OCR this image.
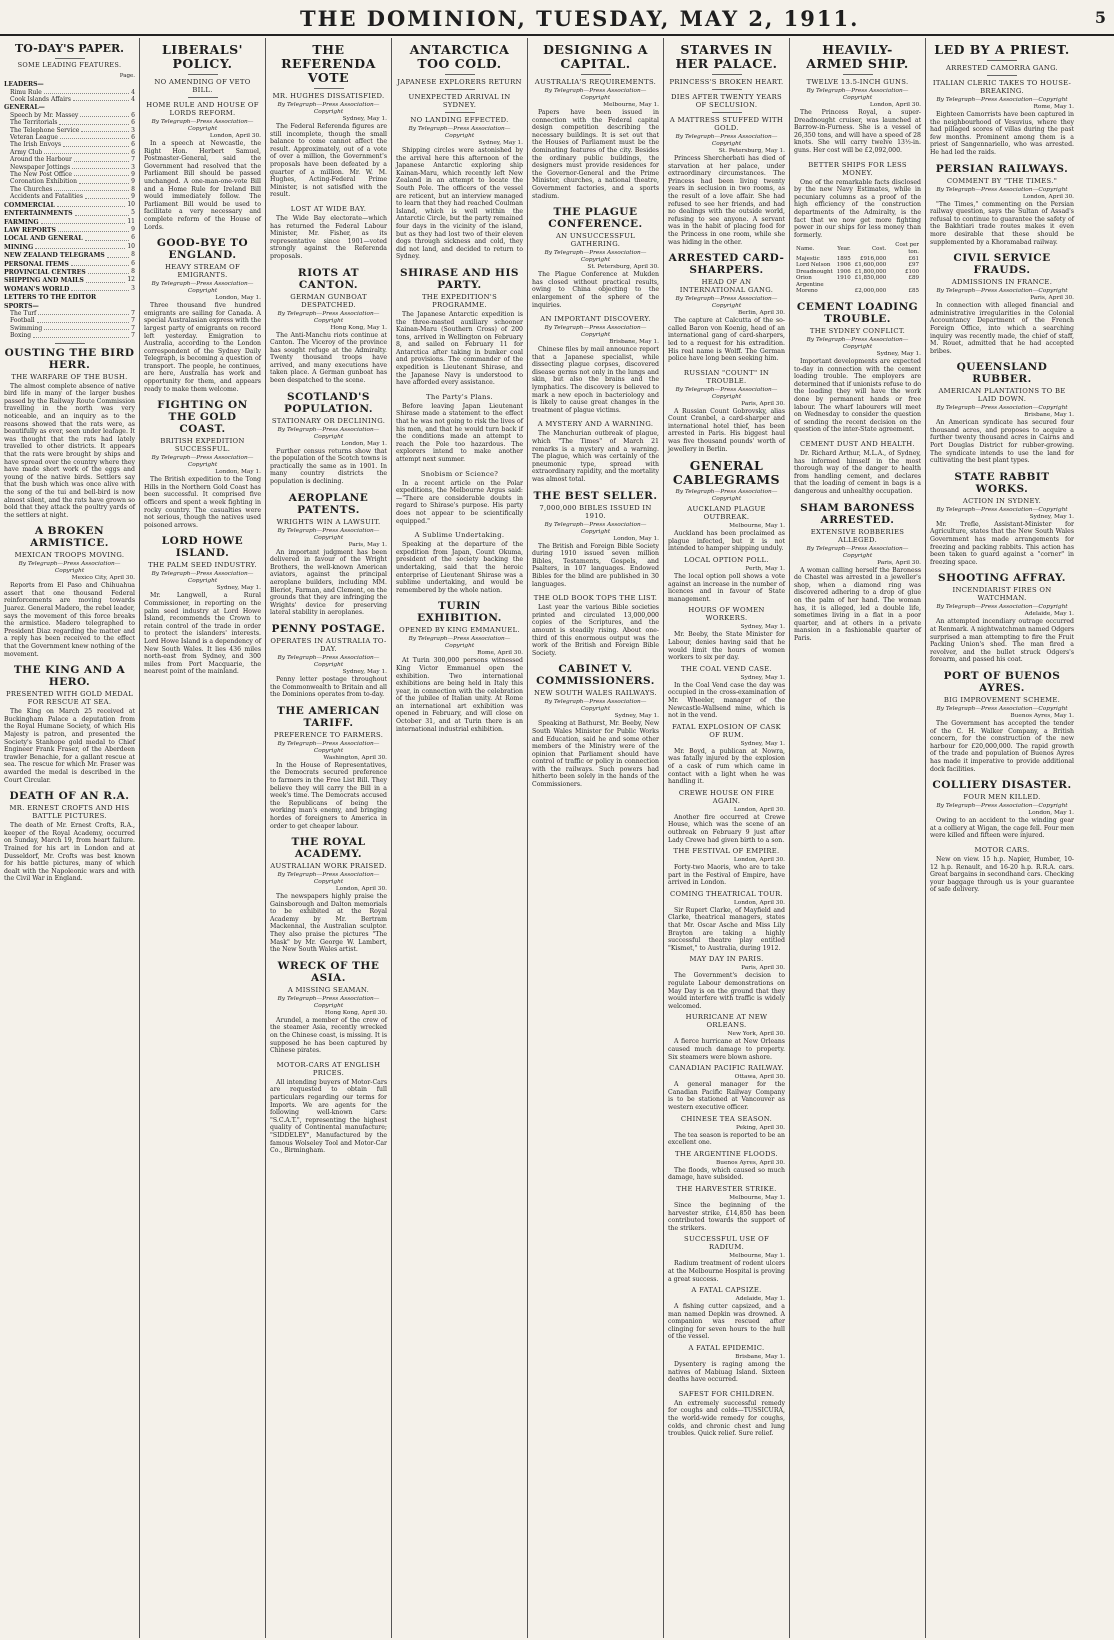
THE DOMINION, TUESDAY, MAY 2, 1911.	5
TO-DAY'S PAPER.
SOME LEADING FEATURES.
Page.
LEADERS—
Rimu Rule	4
Cook Islands Affairs	4
GENERAL—
Speech by Mr. Massey	6
The Territorials	6
The Telephone Service	3
Veteran League	6
The Irish Envoys	6
Army Club	6
Around the Harbour	7
Newspaper Jottings	3
The New Post Office	9
Coronation Exhibition	9
The Churches	8
Accidents and Fatalities	9
COMMERCIAL	10
ENTERTAINMENTS	5
FARMING	11
LAW REPORTS	9
LOCAL AND GENERAL	6
MINING	10
NEW ZEALAND TELEGRAMS	8
PERSONAL ITEMS	6
PROVINCIAL CENTRES	8
SHIPPING AND MAILS	12
WOMAN'S WORLD	3
LETTERS TO THE EDITOR
SPORTS—
The Turf	7
Football	7
Swimming	7
Boxing	7
OUSTING THE BIRD HERR.
THE WARFARE OF THE BUSH.
The almost complete absence of native bird life in many of the larger bushes passed by the Railway Route Commission travelling in the north was very noticeable, and an inquiry as to the reasons showed that the rats were, as beautifully as ever, seen under leafage. It was thought that the rats had lately travelled to other districts. It appears that the rats were brought by ships and have spread over the country where they have made short work of the eggs and young of the native birds. Settlers say that the bush which was once alive with the song of the tui and bell-bird is now almost silent, and the rats have grown so bold that they attack the poultry yards of the settlers at night.
A BROKEN ARMISTICE.
MEXICAN TROOPS MOVING.
By Telegraph—Press Association—Copyright
Mexico City, April 30.
Reports from El Paso and Chihuahua assert that one thousand Federal reinforcements are moving towards Juarez. General Madero, the rebel leader, says the movement of this force breaks the armistice. Madero telegraphed to President Diaz regarding the matter and a reply has been received to the effect that the Government knew nothing of the movement.
THE KING AND A HERO.
PRESENTED WITH GOLD MEDAL FOR RESCUE AT SEA.
The King on March 25 received at Buckingham Palace a deputation from the Royal Humane Society, of which His Majesty is patron, and presented the Society's Stanhope gold medal to Chief Engineer Frank Fraser, of the Aberdeen trawler Benachie, for a gallant rescue at sea. The rescue for which Mr. Fraser was awarded the medal is described in the Court Circular.
DEATH OF AN R.A.
MR. ERNEST CROFTS AND HIS BATTLE PICTURES.
The death of Mr. Ernest Crofts, R.A., keeper of the Royal Academy, occurred on Sunday, March 19, from heart failure. Trained for his art in London and at Dusseldorf, Mr. Crofts was best known for his battle pictures, many of which dealt with the Napoleonic wars and with the Civil War in England.
LIBERALS' POLICY.
NO AMENDING OF VETO BILL.
HOME RULE AND HOUSE OF LORDS REFORM.
By Telegraph—Press Association—Copyright
London, April 30.
In a speech at Newcastle, the Right Hon. Herbert Samuel, Postmaster-General, said the Government had resolved that the Parliament Bill should be passed unchanged. A one-man-one-vote Bill and a Home Rule for Ireland Bill would immediately follow. The Parliament Bill would be used to facilitate a very necessary and complete reform of the House of Lords.
GOOD-BYE TO ENGLAND.
HEAVY STREAM OF EMIGRANTS.
By Telegraph—Press Association—Copyright
London, May 1.
Three thousand five hundred emigrants are sailing for Canada. A special Australasian express with the largest party of emigrants on record left yesterday. Emigration to Australia, according to the London correspondent of the Sydney Daily Telegraph, is becoming a question of transport. The people, he continues, are here, Australia has work and opportunity for them, and appears ready to make them welcome.
FIGHTING ON THE GOLD COAST.
BRITISH EXPEDITION SUCCESSFUL.
By Telegraph—Press Association—Copyright
London, May 1.
The British expedition to the Tong Hills in the Northern Gold Coast has been successful. It comprised five officers and spent a week fighting in rocky country. The casualties were not serious, though the natives used poisoned arrows.
LORD HOWE ISLAND.
THE PALM SEED INDUSTRY.
By Telegraph—Press Association—Copyright
Sydney, May 1.
Mr. Langwell, a Rural Commissioner, in reporting on the palm seed industry at Lord Howe Island, recommends the Crown to retain control of the trade in order to protect the islanders' interests. Lord Howe Island is a dependency of New South Wales. It lies 436 miles north-east from Sydney, and 300 miles from Port Macquarie, the nearest point of the mainland.
THE REFERENDA VOTE
MR. HUGHES DISSATISFIED.
By Telegraph—Press Association—Copyright
Sydney, May 1.
The Federal Referenda figures are still incomplete, though the small balance to come cannot affect the result. Approximately, out of a vote of over a million, the Government's proposals have been defeated by a quarter of a million. Mr. W. M. Hughes, Acting-Federal Prime Minister, is not satisfied with the result.
LOST AT WIDE BAY.
The Wide Bay electorate—which has returned the Federal Labour Minister, Mr. Fisher, as its representative since 1901—voted strongly against the Referenda proposals.
RIOTS AT CANTON.
GERMAN GUNBOAT DESPATCHED.
By Telegraph—Press Association—Copyright
Hong Kong, May 1.
The Anti-Manchu riots continue at Canton. The Viceroy of the province has sought refuge at the Admiralty. Twenty thousand troops have arrived, and many executions have taken place. A German gunboat has been despatched to the scene.
SCOTLAND'S POPULATION.
STATIONARY OR DECLINING.
By Telegraph—Press Association—Copyright
London, May 1.
Further census returns show that the population of the Scotch towns is practically the same as in 1901. In many country districts the population is declining.
AEROPLANE PATENTS.
WRIGHTS WIN A LAWSUIT.
By Telegraph—Press Association—Copyright
Paris, May 1.
An important judgment has been delivered in favour of the Wright Brothers, the well-known American aviators, against the principal aeroplane builders, including MM. Bleriot, Farman, and Clement, on the grounds that they are infringing the Wrights' device for preserving lateral stability in aeroplanes.
PENNY POSTAGE.
OPERATES IN AUSTRALIA TO-DAY.
By Telegraph—Press Association—Copyright
Sydney, May 1.
Penny letter postage throughout the Commonwealth to Britain and all the Dominions operates from to-day.
THE AMERICAN TARIFF.
PREFERENCE TO FARMERS.
By Telegraph—Press Association—Copyright
Washington, April 30.
In the House of Representatives, the Democrats secured preference to farmers in the Free List Bill. They believe they will carry the Bill in a week's time. The Democrats accused the Republicans of being the working man's enemy, and bringing hordes of foreigners to America in order to get cheaper labour.
THE ROYAL ACADEMY.
AUSTRALIAN WORK PRAISED.
By Telegraph—Press Association—Copyright
London, April 30.
The newspapers highly praise the Gainsborough and Dalton memorials to be exhibited at the Royal Academy by Mr. Bertram Mackennal, the Australian sculptor. They also praise the pictures "The Mask" by Mr. George W. Lambert, the New South Wales artist.
WRECK OF THE ASIA.
A MISSING SEAMAN.
By Telegraph—Press Association—Copyright
Hong Kong, April 30.
Arundel, a member of the crew of the steamer Asia, recently wrecked on the Chinese coast, is missing. It is supposed he has been captured by Chinese pirates.
MOTOR-CARS AT ENGLISH PRICES.
All intending buyers of Motor-Cars are requested to obtain full particulars regarding our terms for Imports. We are agents for the following well-known Cars: "S.C.A.T.", representing the highest quality of Continental manufacture; "SIDDELEY", Manufactured by the famous Wolseley Tool and Motor-Car Co., Birmingham.
ANTARCTICA TOO COLD.
JAPANESE EXPLORERS RETURN
UNEXPECTED ARRIVAL IN SYDNEY.
NO LANDING EFFECTED.
By Telegraph—Press Association—Copyright
Sydney, May 1.
Shipping circles were astonished by the arrival here this afternoon of the Japanese Antarctic exploring ship Kainan-Maru, which recently left New Zealand in an attempt to locate the South Pole. The officers of the vessel are reticent, but an interview managed to learn that they had reached Coulman Island, which is well within the Antarctic Circle, but the party remained four days in the vicinity of the island, but as they had lost two of their eleven dogs through sickness and cold, they did not land, and decided to return to Sydney.
SHIRASE AND HIS PARTY.
THE EXPEDITION'S PROGRAMME.
The Japanese Antarctic expedition is the three-masted auxiliary schooner Kainan-Maru (Southern Cross) of 200 tons, arrived in Wellington on February 8, and sailed on February 11 for Antarctica after taking in bunker coal and provisions. The commander of the expedition is Lieutenant Shirase, and the Japanese Navy is understood to have afforded every assistance.
The Party's Plans.
Before leaving Japan Lieutenant Shirase made a statement to the effect that he was not going to risk the lives of his men, and that he would turn back if the conditions made an attempt to reach the Pole too hazardous. The explorers intend to make another attempt next summer.
Snobism or Science?
In a recent article on the Polar expeditions, the Melbourne Argus said:—"There are considerable doubts in regard to Shirase's purpose. His party does not appear to be scientifically equipped."
A Sublime Undertaking.
Speaking at the departure of the expedition from Japan, Count Okuma, president of the society backing the undertaking, said that the heroic enterprise of Lieutenant Shirase was a sublime undertaking, and would be remembered by the whole nation.
TURIN EXHIBITION.
OPENED BY KING EMMANUEL.
By Telegraph—Press Association—Copyright
Rome, April 30.
At Turin 300,000 persons witnessed King Victor Emmanuel open the exhibition. Two international exhibitions are being held in Italy this year, in connection with the celebration of the jubilee of Italian unity. At Rome an international art exhibition was opened in February, and will close on October 31, and at Turin there is an international industrial exhibition.
DESIGNING A CAPITAL.
AUSTRALIA'S REQUIREMENTS.
By Telegraph—Press Association—Copyright
Melbourne, May 1.
Papers have been issued in connection with the Federal capital design competition describing the necessary buildings. It is set out that the Houses of Parliament must be the dominating features of the city. Besides the ordinary public buildings, the designers must provide residences for the Governor-General and the Prime Minister, churches, a national theatre, Government factories, and a sports stadium.
THE PLAGUE CONFERENCE.
AN UNSUCCESSFUL GATHERING.
By Telegraph—Press Association—Copyright
St. Petersburg, April 30.
The Plague Conference at Mukden has closed without practical results, owing to China objecting to the enlargement of the sphere of the inquiries.
AN IMPORTANT DISCOVERY.
By Telegraph—Press Association—Copyright
Brisbane, May 1.
Chinese files by mail announce report that a Japanese specialist, while dissecting plague corpses, discovered disease germs not only in the lungs and skin, but also the brains and the lymphatics. The discovery is believed to mark a new epoch in bacteriology and is likely to cause great changes in the treatment of plague victims.
A MYSTERY AND A WARNING.
The Manchurian outbreak of plague, which "The Times" of March 21 remarks is a mystery and a warning. The plague, which was certainly of the pneumonic type, spread with extraordinary rapidity, and the mortality was almost total.
THE BEST SELLER.
7,000,000 BIBLES ISSUED IN 1910.
By Telegraph—Press Association—Copyright
London, May 1.
The British and Foreign Bible Society during 1910 issued seven million Bibles, Testaments, Gospels, and Psalters, in 107 languages. Endowed Bibles for the blind are published in 30 languages.
THE OLD BOOK TOPS THE LIST.
Last year the various Bible societies printed and circulated 13,000,000 copies of the Scriptures, and the amount is steadily rising. About one-third of this enormous output was the work of the British and Foreign Bible Society.
CABINET V. COMMISSIONERS.
NEW SOUTH WALES RAILWAYS.
By Telegraph—Press Association—Copyright
Sydney, May 1.
Speaking at Bathurst, Mr. Beeby, New South Wales Minister for Public Works and Education, said he and some other members of the Ministry were of the opinion that Parliament should have control of traffic or policy in connection with the railways. Such powers had hitherto been solely in the hands of the Commissioners.
STARVES IN HER PALACE.
PRINCESS'S BROKEN HEART.
DIES AFTER TWENTY YEARS OF SECLUSION.
A MATTRESS STUFFED WITH GOLD.
By Telegraph—Press Association—Copyright
St. Petersburg, May 1.
Princess Shercherbati has died of starvation at her palace, under extraordinary circumstances. The Princess had been living twenty years in seclusion in two rooms, as the result of a love affair. She had refused to see her friends, and had no dealings with the outside world, refusing to see anyone. A servant was in the habit of placing food for the Princess in one room, while she was hiding in the other.
ARRESTED CARD-SHARPERS.
HEAD OF AN INTERNATIONAL GANG.
By Telegraph—Press Association—Copyright
Berlin, April 30.
The capture at Calcutta of the so-called Baron von Koenig, head of an international gang of card-sharpers, led to a request for his extradition. His real name is Wolff. The German police have long been seeking him.
RUSSIAN "COUNT" IN TROUBLE.
By Telegraph—Press Association—Copyright
Paris, April 30.
A Russian Count Gobrovsky, alias Count Cranbel, a card-sharper and international hotel thief, has been arrested in Paris. His biggest haul was five thousand pounds' worth of jewellery in Berlin.
GENERAL CABLEGRAMS
By Telegraph—Press Association—Copyright
AUCKLAND PLAGUE OUTBREAK.
Melbourne, May 1.
Auckland has been proclaimed as plague infected, but it is not intended to hamper shipping unduly.
LOCAL OPTION POLL.
Perth, May 1.
The local option poll shows a vote against an increase in the number of licences and in favour of State management.
HOURS OF WOMEN WORKERS.
Sydney, May 1.
Mr. Beeby, the State Minister for Labour, denies having said that he would limit the hours of women workers to six per day.
THE COAL VEND CASE.
Sydney, May 1.
In the Coal Vend case the day was occupied in the cross-examination of Mr. Wheeler, manager of the Newcastle-Wallsend mine, which is not in the vend.
FATAL EXPLOSION OF CASK OF RUM.
Sydney, May 1.
Mr. Boyd, a publican at Nowra, was fatally injured by the explosion of a cask of rum which came in contact with a light when he was handling it.
CREWE HOUSE ON FIRE AGAIN.
London, April 30.
Another fire occurred at Crewe House, which was the scene of an outbreak on February 9 just after Lady Crewe had given birth to a son.
THE FESTIVAL OF EMPIRE.
London, April 30.
Forty-two Maoris, who are to take part in the Festival of Empire, have arrived in London.
COMING THEATRICAL TOUR.
London, April 30.
Sir Rupert Clarke, of Mayfield and Clarke, theatrical managers, states that Mr. Oscar Asche and Miss Lily Brayton are taking a highly successful theatre play entitled "Kismet," to Australia, during 1912.
MAY DAY IN PARIS.
Paris, April 30.
The Government's decision to regulate Labour demonstrations on May Day is on the ground that they would interfere with traffic is widely welcomed.
HURRICANE AT NEW ORLEANS.
New York, April 30.
A fierce hurricane at New Orleans caused much damage to property. Six steamers were blown ashore.
CANADIAN PACIFIC RAILWAY.
Ottawa, April 30.
A general manager for the Canadian Pacific Railway Company is to be stationed at Vancouver as western executive officer.
CHINESE TEA SEASON.
Peking, April 30.
The tea season is reported to be an excellent one.
THE ARGENTINE FLOODS.
Buenos Ayres, April 30.
The floods, which caused so much damage, have subsided.
THE HARVESTER STRIKE.
Melbourne, May 1.
Since the beginning of the harvester strike, £14,850 has been contributed towards the support of the strikers.
SUCCESSFUL USE OF RADIUM.
Melbourne, May 1.
Radium treatment of rodent ulcers at the Melbourne Hospital is proving a great success.
A FATAL CAPSIZE.
Adelaide, May 1.
A fishing cutter capsized, and a man named Depkin was drowned. A companion was rescued after clinging for seven hours to the hull of the vessel.
A FATAL EPIDEMIC.
Brisbane, May 1.
Dysentery is raging among the natives of Mabiuag Island. Sixteen deaths have occurred.
SAFEST FOR CHILDREN.
An extremely successful remedy for coughs and colds—TUSSICURA, the world-wide remedy for coughs, colds, and chronic chest and lung troubles. Quick relief. Sure relief.
HEAVILY-ARMED SHIP.
TWELVE 13.5-INCH GUNS.
By Telegraph—Press Association—Copyright
London, April 30.
The Princess Royal, a super-Dreadnought cruiser, was launched at Barrow-in-Furness. She is a vessel of 26,350 tons, and will have a speed of 28 knots. She will carry twelve 13½-in. guns. Her cost will be £2,092,000.
BETTER SHIPS FOR LESS MONEY.
One of the remarkable facts disclosed by the new Navy Estimates, while in pecuniary columns as a proof of the high efficiency of the construction departments of the Admiralty, is the fact that we now get more fighting power in our ships for less money than formerly.
Name.	Year.	Cost.	Cost per ton.
Majestic	1895	£916,000	£61
Lord Nelson	1906	£1,600,000	£97
Dreadnought	1906	£1,800,000	£100
Orion	1910	£1,850,000	£89
Argentine			
Moreno		£2,000,000	£85
CEMENT LOADING TROUBLE.
THE SYDNEY CONFLICT.
By Telegraph—Press Association—Copyright
Sydney, May 1.
Important developments are expected to-day in connection with the cement loading trouble. The employers are determined that if unionists refuse to do the loading they will have the work done by permanent hands or free labour. The wharf labourers will meet on Wednesday to consider the question of sending the recent decision on the question of the inter-State agreement.
CEMENT DUST AND HEALTH.
Dr. Richard Arthur, M.L.A., of Sydney, has informed himself in the most thorough way of the danger to health from handling cement, and declares that the loading of cement in bags is a dangerous and unhealthy occupation.
SHAM BARONESS ARRESTED.
EXTENSIVE ROBBERIES ALLEGED.
By Telegraph—Press Association—Copyright
Paris, April 30.
A woman calling herself the Baroness de Chastel was arrested in a jeweller's shop, when a diamond ring was discovered adhering to a drop of glue on the palm of her hand. The woman has, it is alleged, led a double life, sometimes living in a flat in a poor quarter, and at others in a private mansion in a fashionable quarter of Paris.
LED BY A PRIEST.
ARRESTED CAMORRA GANG.
ITALIAN CLERIC TAKES TO HOUSE-BREAKING.
By Telegraph—Press Association—Copyright
Rome, May 1.
Eighteen Camorrists have been captured in the neighbourhood of Vesuvius, where they had pillaged scores of villas during the past few months. Prominent among them is a priest of Sangennariello, who was arrested. He had led the raids.
PERSIAN RAILWAYS.
COMMENT BY "THE TIMES."
By Telegraph—Press Association—Copyright
London, April 30.
"The Times," commenting on the Persian railway question, says the Sultan of Assad's refusal to continue to guarantee the safety of the Bakhtiari trade routes makes it even more desirable that these should be supplemented by a Khoramabad railway.
CIVIL SERVICE FRAUDS.
ADMISSIONS IN FRANCE.
By Telegraph—Press Association—Copyright
Paris, April 30.
In connection with alleged financial and administrative irregularities in the Colonial Accountancy Department of the French Foreign Office, into which a searching inquiry was recently made, the chief of staff, M. Rouet, admitted that he had accepted bribes.
QUEENSLAND RUBBER.
AMERICAN PLANTATIONS TO BE LAID DOWN.
By Telegraph—Press Association—Copyright
Brisbane, May 1.
An American syndicate has secured four thousand acres, and proposes to acquire a further twenty thousand acres in Cairns and Port Douglas District for rubber-growing. The syndicate intends to use the land for cultivating the best plant types.
STATE RABBIT WORKS.
ACTION IN SYDNEY.
By Telegraph—Press Association—Copyright
Sydney, May 1.
Mr. Trefle, Assistant-Minister for Agriculture, states that the New South Wales Government has made arrangements for freezing and packing rabbits. This action has been taken to guard against a "corner" in freezing space.
SHOOTING AFFRAY.
INCENDIARIST FIRES ON WATCHMAN.
By Telegraph—Press Association—Copyright
Adelaide, May 1.
An attempted incendiary outrage occurred at Renmark. A nightwatchman named Odgers surprised a man attempting to fire the Fruit Packing Union's shed. The man fired a revolver, and the bullet struck Odgers's forearm, and passed his coat.
PORT OF BUENOS AYRES.
BIG IMPROVEMENT SCHEME.
By Telegraph—Press Association—Copyright
Buenos Ayres, May 1.
The Government has accepted the tender of the C. H. Walker Company, a British concern, for the construction of the new harbour for £20,000,000. The rapid growth of the trade and population of Buenos Ayres has made it imperative to provide additional dock facilities.
COLLIERY DISASTER.
FOUR MEN KILLED.
By Telegraph—Press Association—Copyright
London, May 1.
Owing to an accident to the winding gear at a colliery at Wigan, the cage fell. Four men were killed and fifteen were injured.
MOTOR CARS.
New on view. 15 h.p. Napier, Humber, 10-12 h.p. Renault, and 16-20 h.p. R.R.A. cars. Great bargains in secondhand cars. Checking your baggage through us is your guarantee of safe delivery.
